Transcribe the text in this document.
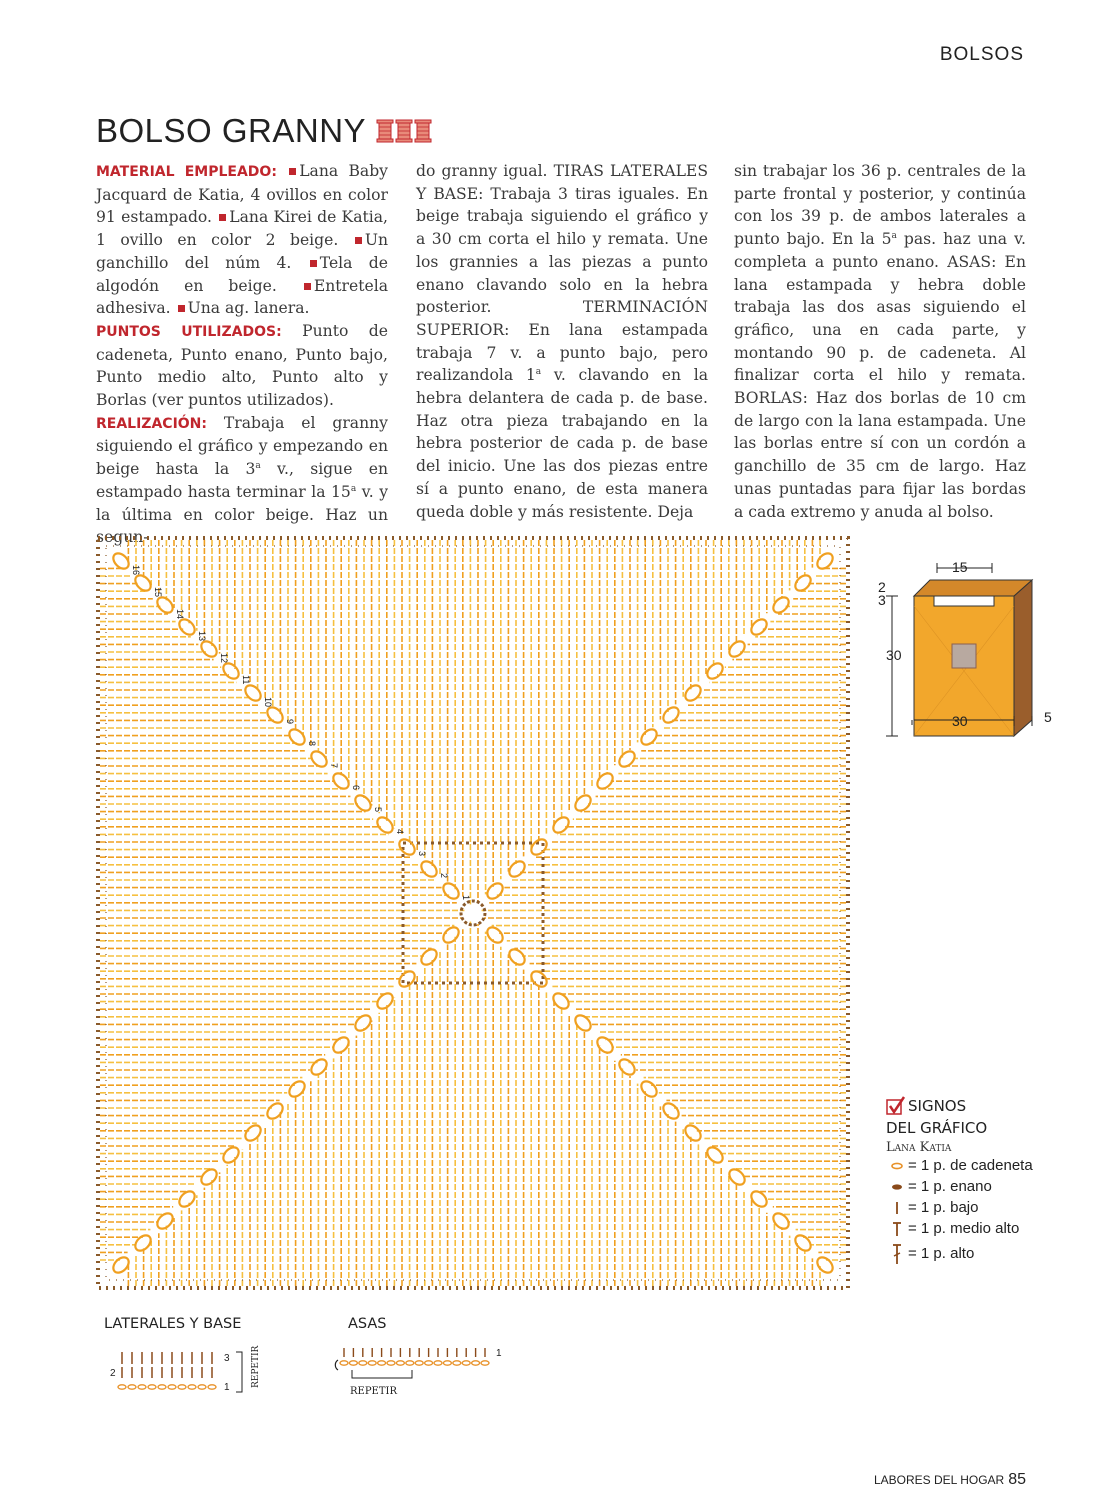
BOLSOS
BOLSO GRANNY

MATERIAL EMPLEADO: Lana Baby Jacquard de Katia, 4 ovillos en color 91 estampado. Lana Kirei de Katia, 1 ovillo en color 2 beige. Un ganchillo del núm 4. Tela de algodón en beige. Entretela adhesiva. Una ag. lanera.

PUNTOS UTILIZADOS: Punto de cadeneta, Punto enano, Punto bajo, Punto medio alto, Punto alto y Borlas (ver puntos utilizados).

REALIZACIÓN: Trabaja el granny siguiendo el gráfico y empezando en beige hasta la 3$^a$ v., sigue en estampado hasta terminar la 15$^a$ v. y la última en color beige. Haz un segun-

do granny igual. TIRAS LATERALES Y BASE: Trabaja 3 tiras iguales. En beige trabaja siguiendo el gráfico y a 30 cm corta el hilo y remata. Une los grannies a las piezas a punto enano clavando solo en la hebra posterior. TERMINACIÓN SUPERIOR: En lana estampada trabaja 7 v. a punto bajo, pero realizandola 1$^a$ v. clavando en la hebra delantera de cada p. de base. Haz otra pieza trabajando en la hebra posterior de cada p. de base del inicio. Une las dos piezas entre sí a punto enano, de esta manera queda doble y más resistente. Deja

sin trabajar los 36 p. centrales de la parte frontal y posterior, y continúa con los 39 p. de ambos laterales a punto bajo. En la 5$^a$ pas. haz una v. completa a punto enano. ASAS: En lana estampada y hebra doble trabaja las dos asas siguiendo el gráfico, una en cada parte, y montando 90 p. de cadeneta. Al finalizar corta el hilo y remata. BORLAS: Haz dos borlas de 10 cm de largo con la lana estampada. Une las borlas entre sí con un cordón a ganchillo de 35 cm de largo. Haz unas puntadas para fijar las bordas a cada extremo y anuda al bolso.

1
2
3
4
5
6
7
8
9
10
11
12
13
14
15
16	15
2
3
30
30	5
SIGNOS
DEL GRÁFICO
Lana Katia
= 1 p. de cadeneta
= 1 p. enano
= 1 p. bajo
= 1 p. medio alto
= 1 p. alto
LATERALES Y BASE
3
2
1 REPETIR
ASAS
1
REPETIR
LABORES DEL HOGAR 85
